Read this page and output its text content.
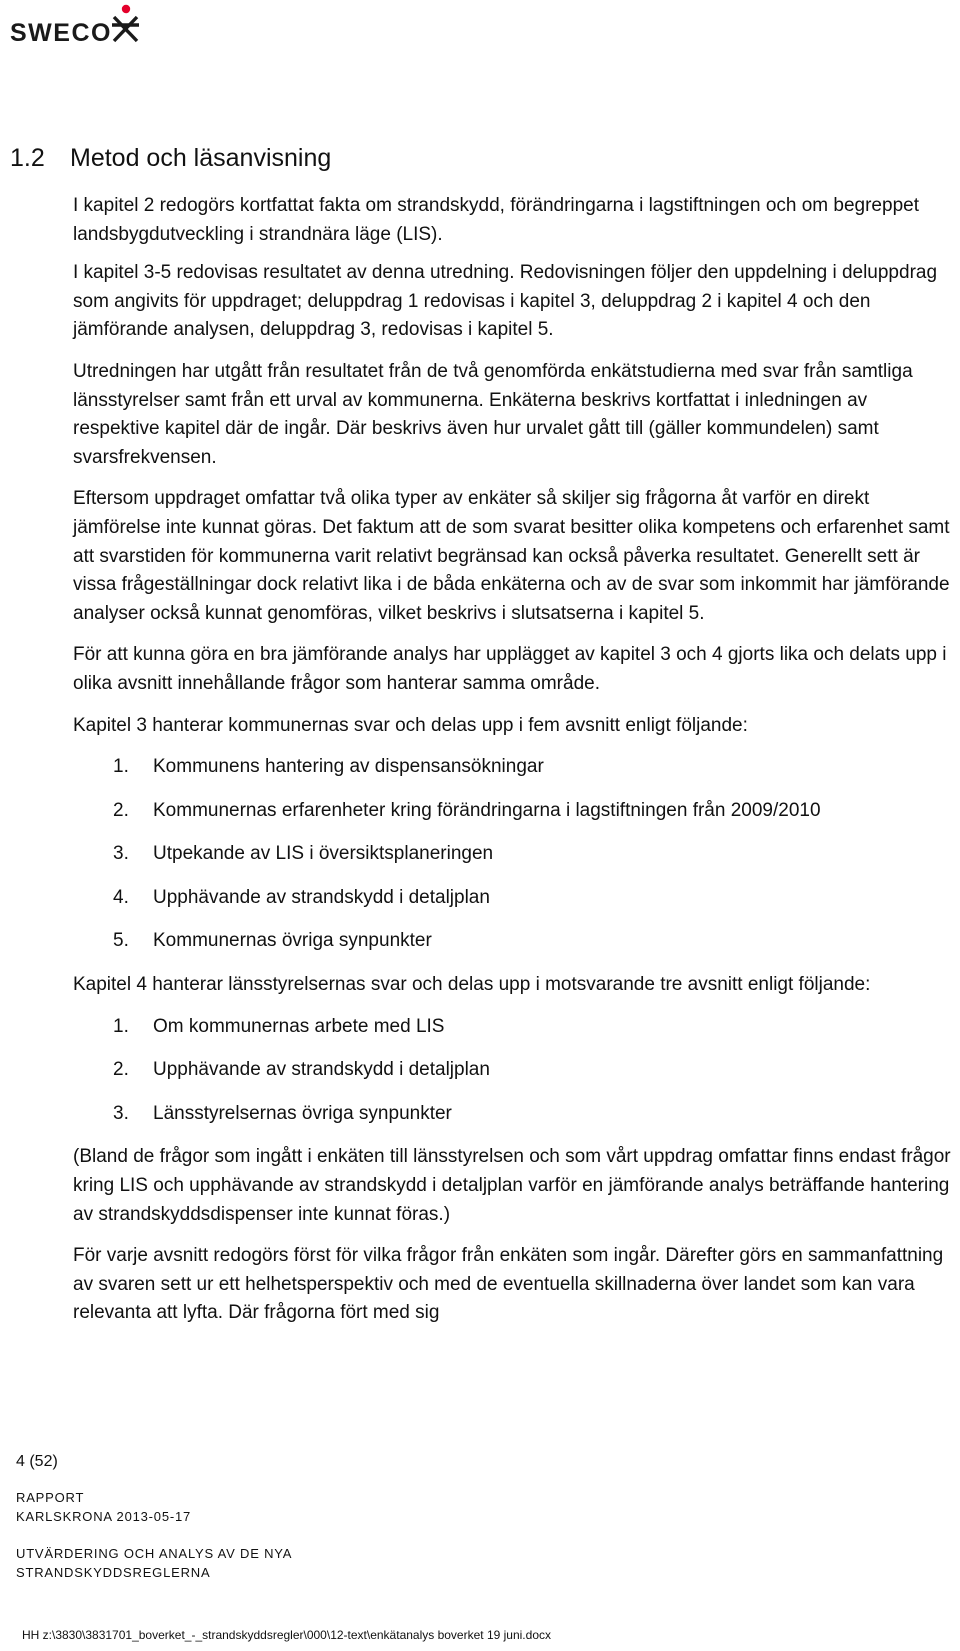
SWECO
1.2 Metod och läsanvisning

I kapitel 2 redogörs kortfattat fakta om strandskydd, förändringarna i lagstiftningen och om begreppet landsbygdutveckling i strandnära läge (LIS).

I kapitel 3-5 redovisas resultatet av denna utredning. Redovisningen följer den uppdelning i deluppdrag som angivits för uppdraget; deluppdrag 1 redovisas i kapitel 3, deluppdrag 2 i kapitel 4 och den jämförande analysen, deluppdrag 3, redovisas i kapitel 5.

Utredningen har utgått från resultatet från de två genomförda enkätstudierna med svar från samtliga länsstyrelser samt från ett urval av kommunerna. Enkäterna beskrivs kortfattat i inledningen av respektive kapitel där de ingår. Där beskrivs även hur urvalet gått till (gäller kommundelen) samt svarsfrekvensen.

Eftersom uppdraget omfattar två olika typer av enkäter så skiljer sig frågorna åt varför en direkt jämförelse inte kunnat göras. Det faktum att de som svarat besitter olika kompetens och erfarenhet samt att svarstiden för kommunerna varit relativt begränsad kan också påverka resultatet. Generellt sett är vissa frågeställningar dock relativt lika i de båda enkäterna och av de svar som inkommit har jämförande analyser också kunnat genomföras, vilket beskrivs i slutsatserna i kapitel 5.

För att kunna göra en bra jämförande analys har upplägget av kapitel 3 och 4 gjorts lika och delats upp i olika avsnitt innehållande frågor som hanterar samma område.

Kapitel 3 hanterar kommunernas svar och delas upp i fem avsnitt enligt följande:

1.	Kommunens hantering av dispensansökningar
2.	Kommunernas erfarenheter kring förändringarna i lagstiftningen från 2009/2010
3.	Utpekande av LIS i översiktsplaneringen
4.	Upphävande av strandskydd i detaljplan
5.	Kommunernas övriga synpunkter

Kapitel 4 hanterar länsstyrelsernas svar och delas upp i motsvarande tre avsnitt enligt följande:

1.	Om kommunernas arbete med LIS
2.	Upphävande av strandskydd i detaljplan
3.	Länsstyrelsernas övriga synpunkter

(Bland de frågor som ingått i enkäten till länsstyrelsen och som vårt uppdrag omfattar finns endast frågor kring LIS och upphävande av strandskydd i detaljplan varför en jämförande analys beträffande hantering av strandskyddsdispenser inte kunnat föras.)

För varje avsnitt redogörs först för vilka frågor från enkäten som ingår. Därefter görs en sammanfattning av svaren sett ur ett helhetsperspektiv och med de eventuella skillnaderna över landet som kan vara relevanta att lyfta. Där frågorna fört med sig

4 (52)
RAPPORT
KARLSKRONA 2013-05-17
UTVÄRDERING OCH ANALYS AV DE NYA
STRANDSKYDDSREGLERNA
HH z:\3830\3831701_boverket_-_strandskyddsregler\000\12-text\enkätanalys boverket 19 juni.docx
